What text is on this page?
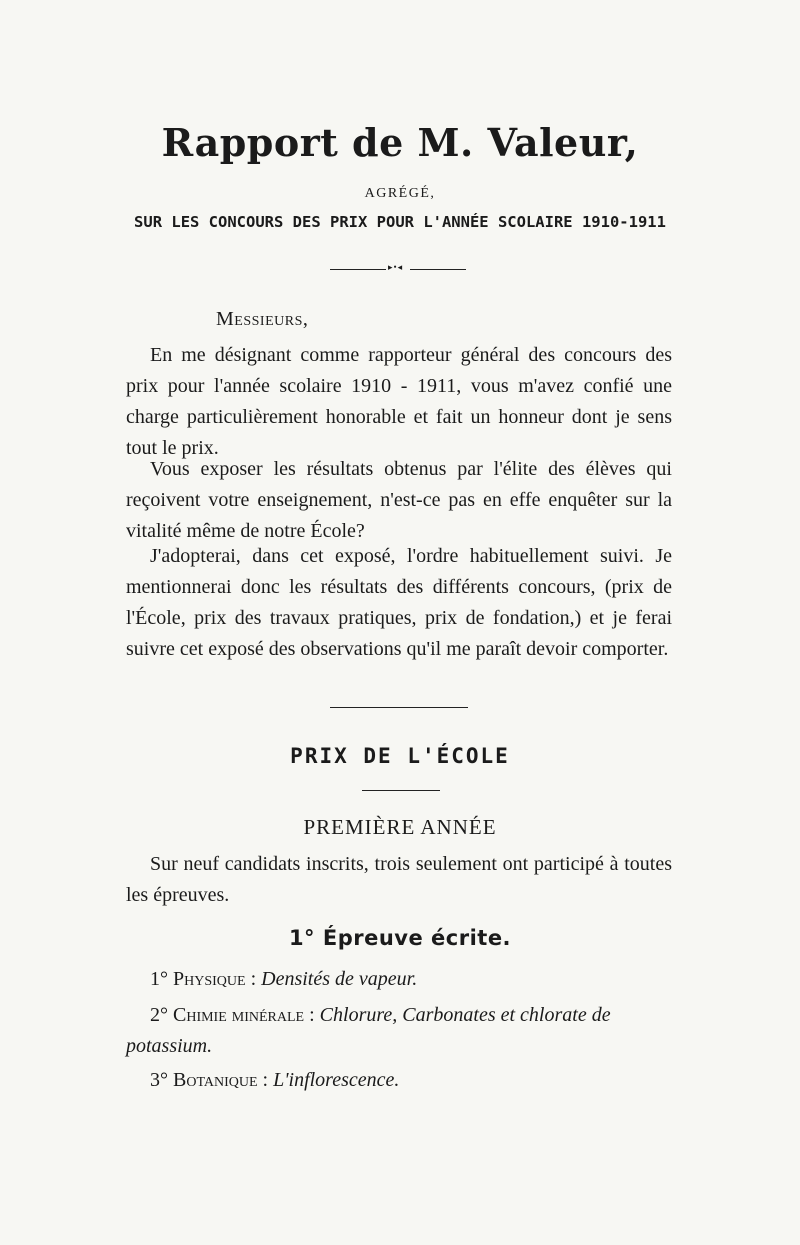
Rapport de M. Valeur,
AGRÉGÉ,
SUR LES CONCOURS DES PRIX POUR L'ANNÉE SCOLAIRE 1910-1911
▸•◂
Messieurs,

En me désignant comme rapporteur général des concours des prix pour l'année scolaire 1910 - 1911, vous m'avez confié une charge particulièrement honorable et fait un honneur dont je sens tout le prix.

Vous exposer les résultats obtenus par l'élite des élèves qui reçoivent votre enseignement, n'est-ce pas en effe enquêter sur la vitalité même de notre École?

J'adopterai, dans cet exposé, l'ordre habituellement suivi. Je mentionnerai donc les résultats des différents concours, (prix de l'École, prix des travaux pratiques, prix de fondation,) et je ferai suivre cet exposé des observations qu'il me paraît devoir comporter.

PRIX DE L'ÉCOLE
PREMIÈRE ANNÉE

Sur neuf candidats inscrits, trois seulement ont participé à toutes les épreuves.

1° Épreuve écrite.
1° Physique : Densités de vapeur.
2° Chimie minérale : Chlorure, Carbonates et chlorate de potassium.
3° Botanique : L'inflorescence.
